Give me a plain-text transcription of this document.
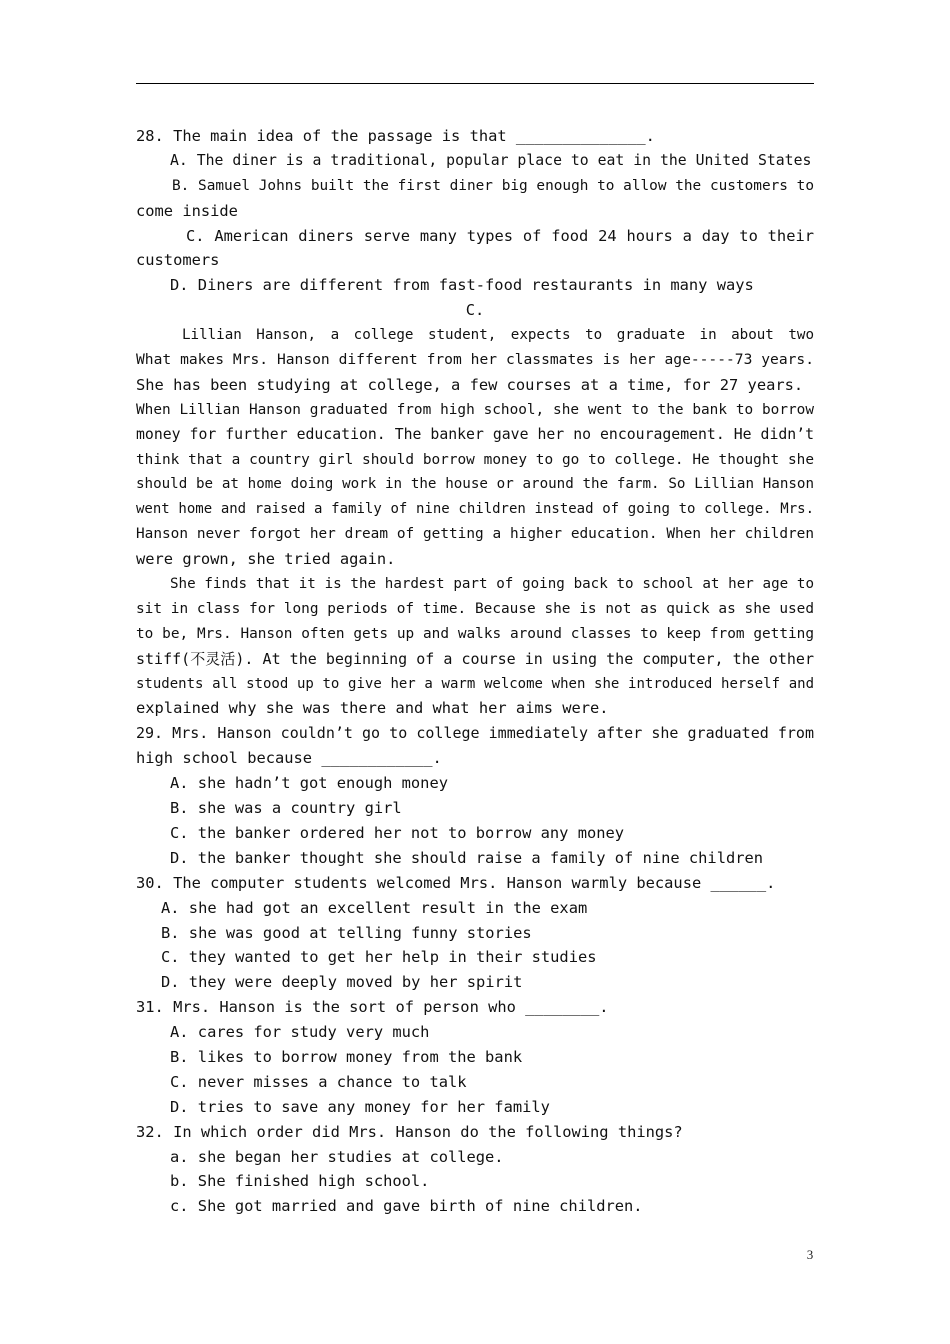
28. The main idea of the passage is that ______________.
A. The diner is a traditional, popular place to eat in the United States
B. Samuel Johns built the first diner big enough to allow the customers to
come inside
C. American diners serve many types of food 24 hours a day to their
customers
D. Diners are different from fast-food restaurants in many ways
C.
Lillian Hanson, a college student, expects to graduate in about two
What makes Mrs. Hanson different from her classmates is her age-----73 years.
She has been studying at college, a few courses at a time, for 27 years.
When Lillian Hanson graduated from high school, she went to the bank to borrow
money for further education. The banker gave her no encouragement. He didn’t
think that a country girl should borrow money to go to college. He thought she
should be at home doing work in the house or around the farm. So Lillian Hanson
went home and raised a family of nine children instead of going to college. Mrs.
Hanson never forgot her dream of getting a higher education. When her children
were grown, she tried again.
She finds that it is the hardest part of going back to school at her age to
sit in class for long periods of time. Because she is not as quick as she used
to be, Mrs. Hanson often gets up and walks around classes to keep from getting
stiff(不灵活). At the beginning of a course in using the computer, the other
students all stood up to give her a warm welcome when she introduced herself and
explained why she was there and what her aims were.
29. Mrs. Hanson couldn’t go to college immediately after she graduated from
high school because ____________.
A. she hadn’t got enough money
B. she was a country girl
C. the banker ordered her not to borrow any money
D. the banker thought she should raise a family of nine children
30. The computer students welcomed Mrs. Hanson warmly because ______.
A. she had got an excellent result in the exam
B. she was good at telling funny stories
C. they wanted to get her help in their studies
D. they were deeply moved by her spirit
31. Mrs. Hanson is the sort of person who ________.
A. cares for study very much
B. likes to borrow money from the bank
C. never misses a chance to talk
D. tries to save any money for her family
32. In which order did Mrs. Hanson do the following things?
a. she began her studies at college.
b. She finished high school.
c. She got married and gave birth of nine children.
3
